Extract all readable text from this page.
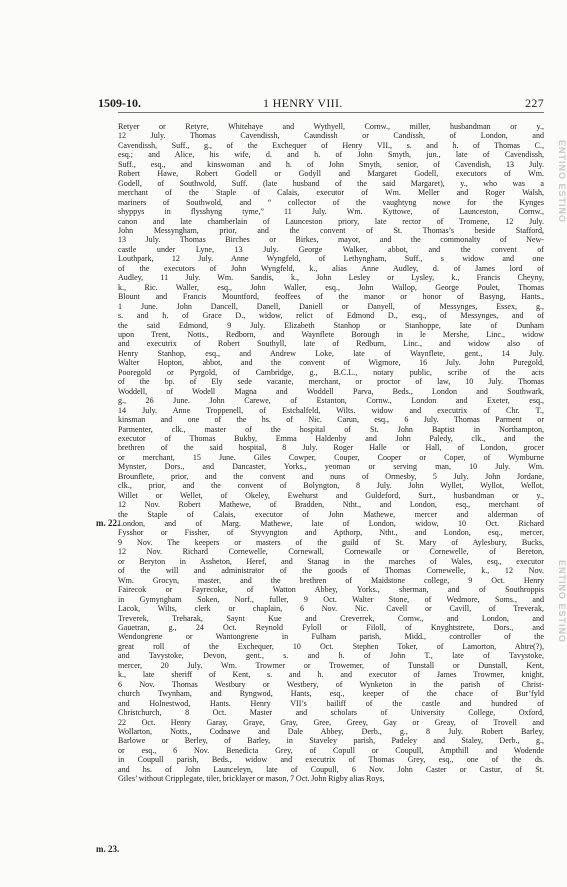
1 HENRY VIII.	227
1509-10.
Retyer or Retyre, Whitehaye and Wythyell, Cornw., miller, husbandman or y.,
12 July. Thomas Cavendissh, Caundissh or Candissh, of London, and
Cavendissh, Suff., g., of the Exchequer of Henry VII., s. and h. of Thomas C.,
esq.; and Alice, his wife, d. and h. of John Smyth, jun., late of Cavendissh,
Suff., esq., and kinswoman and h. of John Smyth, senior, of Cavendish, 13 July.
Robert Hawe, Robert Godell or Godyll and Margaret Godell, executors of Wm.
Godell, of Southwold, Suff. (late husband of the said Margaret), y., who was a
merchant of the Staple of Calais, executor of Wm. Meller and Roger Walsh,
mariners of Southwold, and “ collector of the vaughtyng nowe for the Kynges
shyppys in flysshyng tyme,” 11 July. Wm. Kyttowe, of Launceston, Cornw.,
canon and late chamberlain of Launceston priory, late rector of Tromene, 12 July.
John Messyngham, prior, and the convent of St. Thomas’s beside Stafford,
13 July. Thomas Birches or Birkes, mayor, and the commonalty of New-
castle under Lyne, 13 July. George Walker, abbot, and the convent of
Louthpark, 12 July. Anne Wyngfeld, of Lethyngham, Suff., s widow and one
of the executors of John Wyngfeld, k., alias Anne Audley, d. of James lord of
Audley, 11 July. Wm. Sandis, k., John Lesley or Lysley, k., Francis Cheyny,
k., Ric. Waller, esq., John Waller, esq., John Wallop, George Poulet, Thomas
Blount and Francis Mountford, feoffees of the manor or honor of Basyng, Hants.,
1 June. John Dancell, Danell, Daniell or Danyell, of Messynges, Essex, g.,
s. and h. of Grace D., widow, relict of Edmond D., esq., of Messynges, and of
the said Edmond, 9 July. Elizabeth Stanhop or Stanhoppe, late of Dunham
upon Trent, Notts., Redborn, and Waynflete Borough in le Mershe, Linc., widow
and executrix of Robert Southyll, late of Redburn, Linc., and widow also of
Henry Stanhop, esq., and Andrew Loke, late of Waynflete, gent., 14 July.
Walter Hopton, abbot, and the convent of Wigmore, 16 July. John Puregold,
Pooregold or Pyrgold, of Cambridge, g., B.C.L., notary public, scribe of the acts
of the bp. of Ely sede vacante, merchant, or proctor of law, 10 July. Thomas
Woddell, of Wodell Magna and Woddell Parva, Beds., London and Southwark,
g., 26 June. John Carewe, of Estanton, Cornw., London and Exeter, esq.,
14 July. Anne Troppenell, of Estchalfeld, Wilts. widow and executrix of Chr. T.,
kinsman and one of the hs. of Nic. Carun, esq., 6 July. Thomas Parment or
Parmenter, clk., master of the hospital of St. John Baptist in Northampton,
executor of Thomas Bukby, Emma Haldenby and John Paledy, clk., and the
brethren of the said hospital, 8 July. Roger Halle or Hall, of London, grocer
or merchant, 15 June. Giles Cowper, Couper, Cooper or Coper, of Wymburne
Mynster, Dors., and Dancaster, Yorks., yeoman or serving man, 10 July. Wm.
Brounflete, prior, and the convent and nuns of Ormesby, 5 July. John Jordane,
clk., prior, and the convent of Bolyngton, 8 July. John Wyllet, Wyllot, Wellot,
Willet or Wellet, of Okeley, Ewehurst and Guldeford, Surr., husbandman or y.,
12 Nov. Robert Mathewe, of Bradden, Ntht., and London, esq., merchant of
the Staple of Calais, executor of John Mathewe, mercer and alderman of
London, and of Marg. Mathewe, late of London, widow, 10 Oct. Richard
Fysshor or Fissher, of Styvyngton and Apthorp, Ntht., and London, esq., mercer,
9 Nov. The keepers or masters of the guild of St. Mary of Aylesbury, Bucks,
12 Nov. Richard Cornewelle, Cornewall, Cornewaile or Cornewelle, of Bereton,
or Beryton in Assheton, Heref, and Stanag in the marches of Wales, esq., executor
of the will and administrator of the goods of Thomas Cornewelle, k., 12 Nov.
Wm. Grocyn, master, and the brethren of Maidstone college, 9 Oct. Henry
Fairecok or Fayrecoke, of Watton Abbey, Yorks., sherman, and of Southroppis
in Gymyngham Soken, Norf., fuller, 9 Oct. Walter Stone, of Wedmore, Soms., and
Lacok, Wilts, clerk or chaplain, 6 Nov. Nic. Cavell or Cavill, of Treverak,
Treverek, Treharak, Saynt Kue and Creverrek, Cornw., and London, and
Gauetran, g., 24 Oct. Reynold Fyloll or Filoll, of Knyghtstrete, Dors., and
Wendongrene or Wantongrene in Fulham parish, Midd., controller of the
great roll of the Exchequer, 10 Oct. Stephen Toker, of Lamorton, Abtre(?),
and Tavystoke, Devon, gent., s. and h. of John T., late of Tavystoke,
mercer, 20 July. Wm. Trowmer or Trowemer, of Tunstall or Dunstall, Kent,
k., late sheriff of Kent, s. and h. and executor of James Trowmer, knight,
6 Nov. Thomas Westbury or Westbery, of Wynketon in the parish of Christ-
church Twynham, and Ryngwod, Hants, esq., keeper of the chace of Bur’fyld
and Holnestwod, Hants. Henry VII’s bailiff of the castle and hundred of
Christchurch, 8 Oct. Master and scholars of University College, Oxford,
22 Oct. Henry Garay, Graye, Gray, Gree, Greey, Gay or Greay, of Trovell and
Wollarton, Notts., Codnawe and Dale Abbey, Derb., g., 8 July. Robert Barley,
Barlowe or Berley, of Barley, in Staveley parish, Padeley and Staley, Derb., g.,
or esq., 6 Nov. Benedicta Grey, of Copull or Coupull, Ampthill and Wodende
in Coupull parish, Beds., widow and executrix of Thomas Grey, esq., one of the ds.
and hs. of John Launceleyn, late of Coupull, 6 Nov. John Caster or Castur, of St.
Giles’ without Cripplegate, tiler, bricklayer or mason, 7 Oct. John Rigby alias Roys,
m. 22.
m. 23.
ENTINO ESTINO
ENTINO ESTINO
